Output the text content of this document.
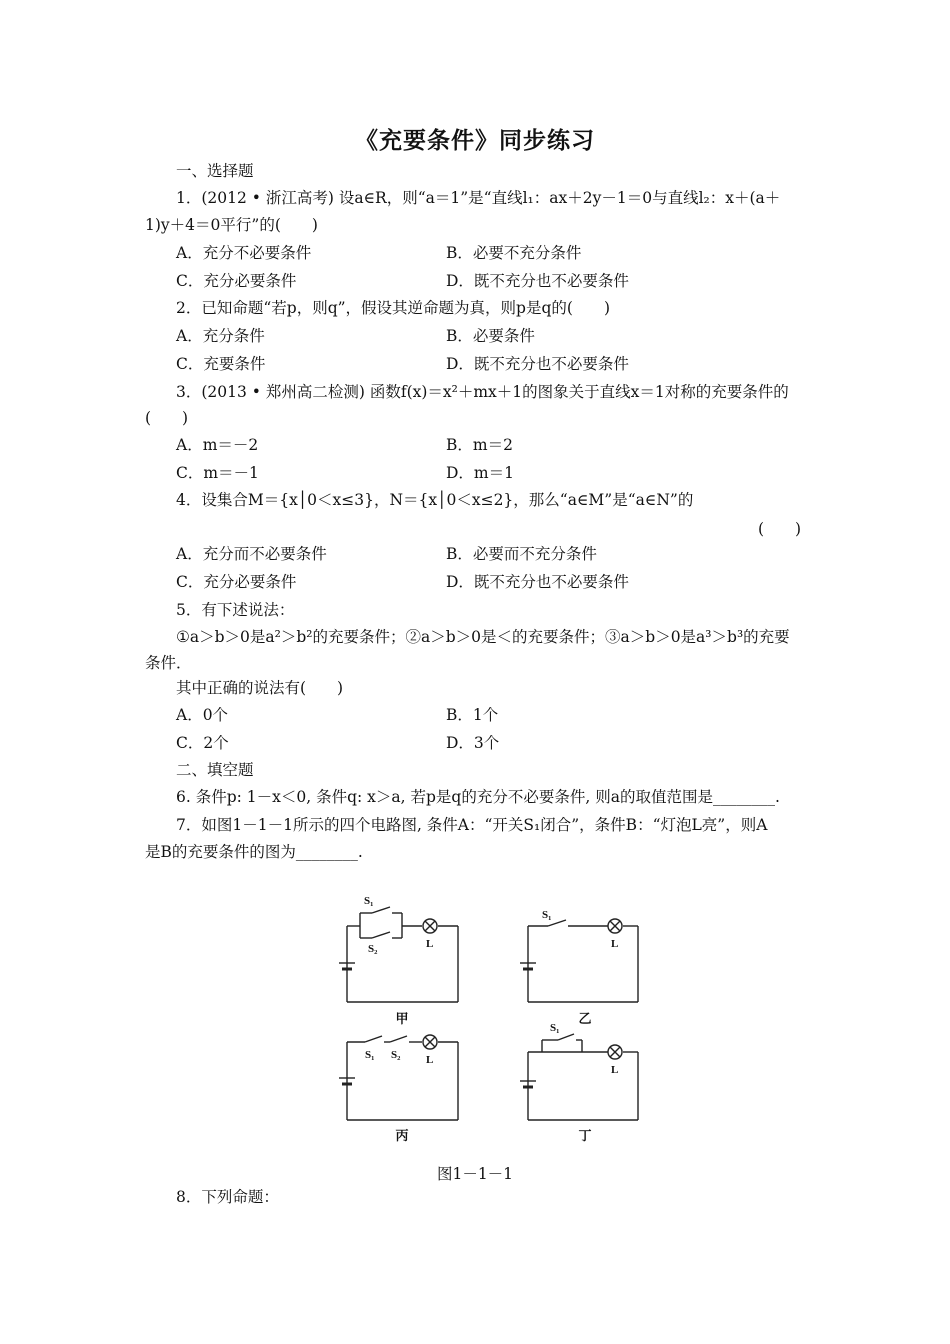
《充要条件》同步练习
一、选择题
1．(2012 • 浙江高考) 设a∈R，则“a＝1”是“直线l₁：ax＋2y－1＝0与直线l₂：x＋(a＋
1)y＋4＝0平行”的(　　)
A．充分不必要条件	B．必要不充分条件
C．充分必要条件	D．既不充分也不必要条件
2．已知命题“若p，则q”，假设其逆命题为真，则p是q的(　　)
A．充分条件	B．必要条件
C．充要条件	D．既不充分也不必要条件
3．(2013 • 郑州高二检测) 函数f(x)＝x²＋mx＋1的图象关于直线x＝1对称的充要条件的
(　　)
A．m＝－2	B．m＝2
C．m＝－1	D．m＝1
4．设集合M＝{x│0＜x≤3}，N＝{x│0＜x≤2}，那么“a∈M”是“a∈N”的
(　　)
A．充分而不必要条件	B．必要而不充分条件
C．充分必要条件	D．既不充分也不必要条件
5．有下述说法：
①a＞b＞0是a²＞b²的充要条件；②a＞b＞0是＜的充要条件；③a＞b＞0是a³＞b³的充要
条件．
其中正确的说法有(　　)
A．0个	B．1个
C．2个	D．3个
二、填空题
6. 条件p: 1－x＜0, 条件q: x＞a, 若p是q的充分不必要条件, 则a的取值范围是________.
7．如图1－1－1所示的四个电路图, 条件A：“开关S₁闭合”，条件B：“灯泡L亮”，则A
是B的充要条件的图为________.
S₁
S₂	L
S₁
L
S₁ S₂ L
S₁
L
甲	乙
丙	丁
图1－1－1
8．下列命题：
